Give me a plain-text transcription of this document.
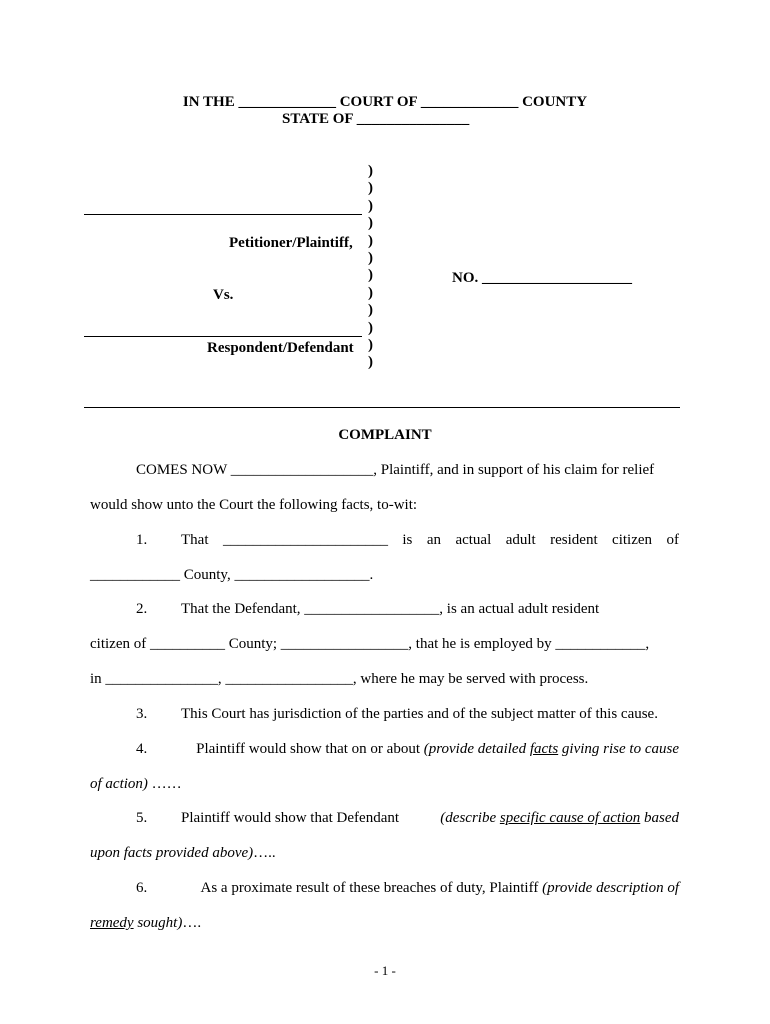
IN THE _____________ COURT OF _____________ COUNTY
STATE OF _______________
)
)
)
)
)
)
)
)
)
)
)
)
Petitioner/Plaintiff,
Vs.
NO. ____________________
Respondent/Defendant
COMPLAINT
COMES NOW ___________________, Plaintiff, and in support of his claim for relief
would show unto the Court the following facts, to-wit:
1. That ______________________ is an actual adult resident citizen of
____________ County, __________________.
2. That the Defendant, __________________, is an actual adult resident
citizen of __________ County; _________________, that he is employed by ____________,
in _______________, _________________, where he may be served with process.
3. This Court has jurisdiction of the parties and of the subject matter of this cause.
4.	Plaintiff would show that on or about (provide detailed facts giving rise to cause
of action) ……
5. Plaintiff would show that Defendant	(describe specific cause of action based
upon facts provided above)…..
6.	As a proximate result of these breaches of duty, Plaintiff (provide description of
remedy sought)….
- 1 -
